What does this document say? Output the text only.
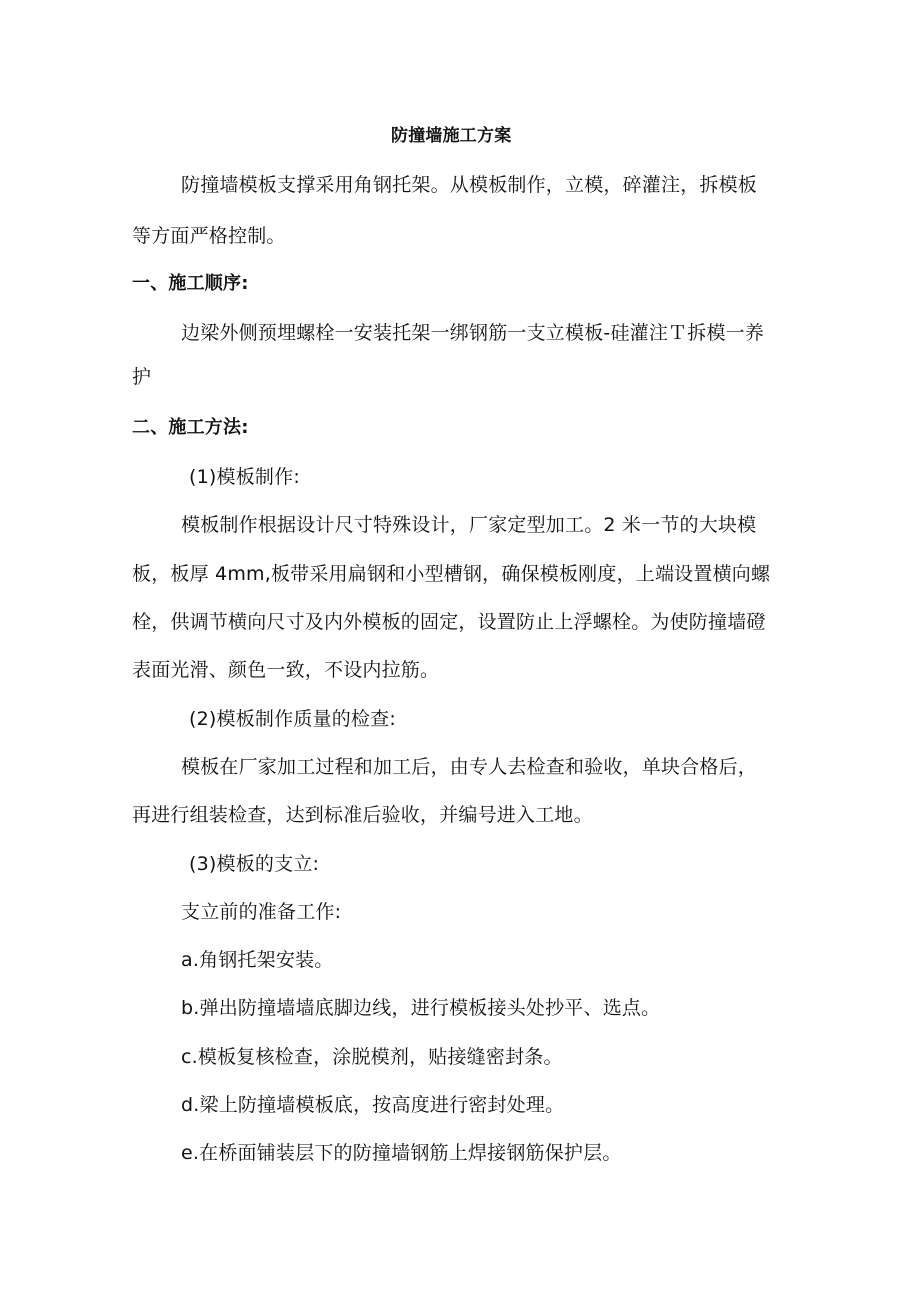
防撞墙施工方案
防撞墙模板支撑采用角钢托架。从模板制作，立模，碎灌注，拆模板
等方面严格控制。
一、施工顺序:
边梁外侧预埋螺栓一安装托架一绑钢筋一支立模板-硅灌注Ｔ拆模一养
护
二、施工方法:
(1)模板制作:
模板制作根据设计尺寸特殊设计，厂家定型加工。2 米一节的大块模
板，板厚 4mm,板带采用扁钢和小型槽钢，确保模板刚度，上端设置横向螺
栓，供调节横向尺寸及内外模板的固定，设置防止上浮螺栓。为使防撞墙磴
表面光滑、颜色一致，不设内拉筋。
(2)模板制作质量的检查:
模板在厂家加工过程和加工后，由专人去检查和验收，单块合格后，
再进行组装检查，达到标准后验收，并编号进入工地。
(3)模板的支立:
支立前的准备工作:
a.角钢托架安装。
b.弹出防撞墙墙底脚边线，进行模板接头处抄平、选点。
c.模板复核检查，涂脱模剂，贴接缝密封条。
d.梁上防撞墙模板底，按高度进行密封处理。
e.在桥面铺装层下的防撞墙钢筋上焊接钢筋保护层。
